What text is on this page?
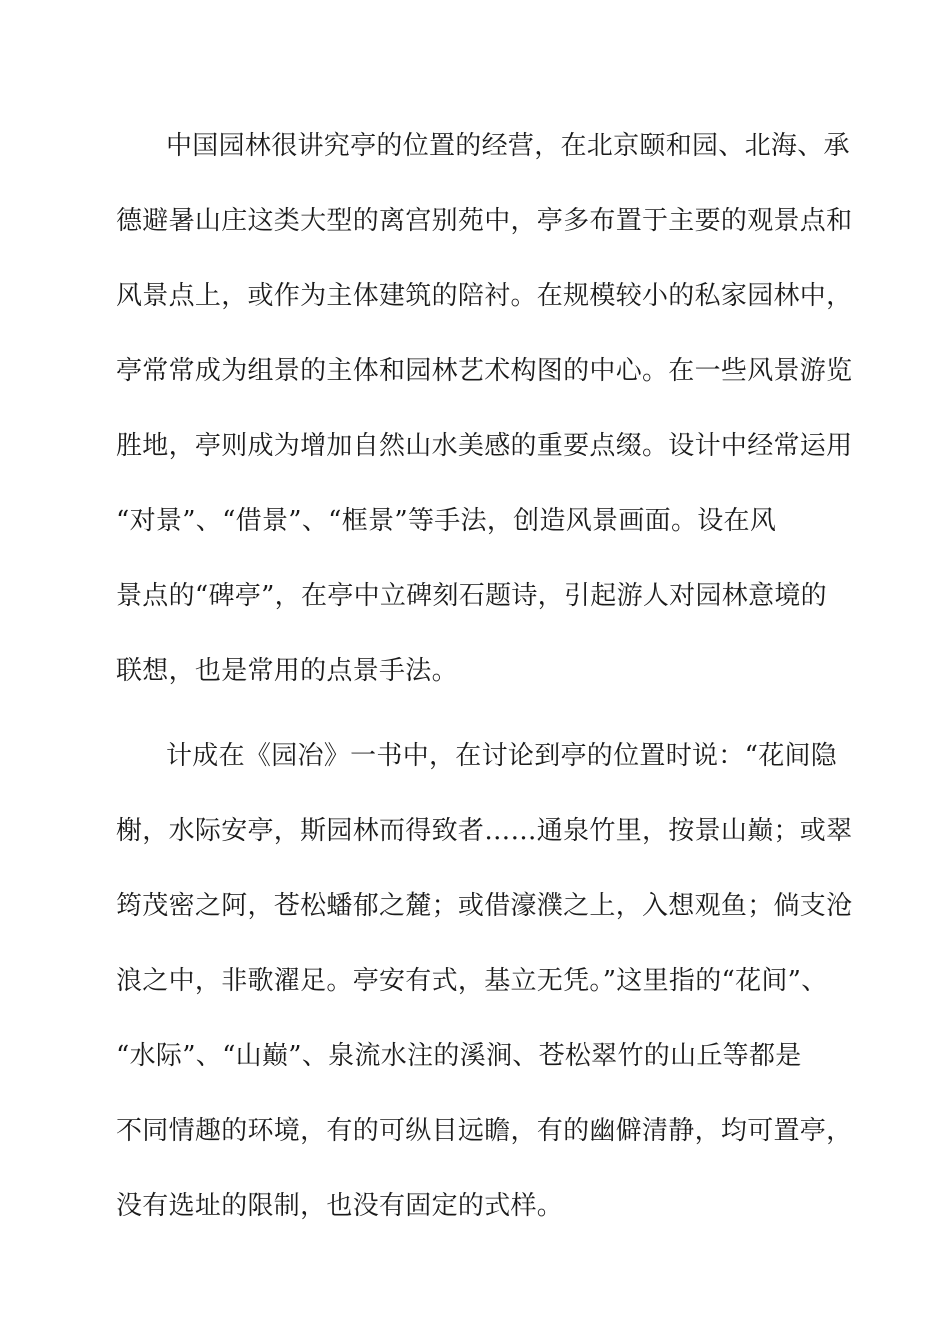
中国园林很讲究亭的位置的经营，在北京颐和园、北海、承
德避暑山庄这类大型的离宫别苑中，亭多布置于主要的观景点和
风景点上，或作为主体建筑的陪衬。在规模较小的私家园林中，
亭常常成为组景的主体和园林艺术构图的中心。在一些风景游览
胜地，亭则成为增加自然山水美感的重要点缀。设计中经常运用
“对景”、“借景”、“框景”等手法，创造风景画面。设在风
景点的“碑亭”，在亭中立碑刻石题诗，引起游人对园林意境的
联想，也是常用的点景手法。
计成在《园冶》一书中，在讨论到亭的位置时说：“花间隐
榭，水际安亭，斯园林而得致者……通泉竹里，按景山巅；或翠
筠茂密之阿，苍松蟠郁之麓；或借濠濮之上，入想观鱼；倘支沧
浪之中，非歌濯足。亭安有式，基立无凭。”这里指的“花间”、
“水际”、“山巅”、泉流水注的溪涧、苍松翠竹的山丘等都是
不同情趣的环境，有的可纵目远瞻，有的幽僻清静，均可置亭，
没有选址的限制，也没有固定的式样。
